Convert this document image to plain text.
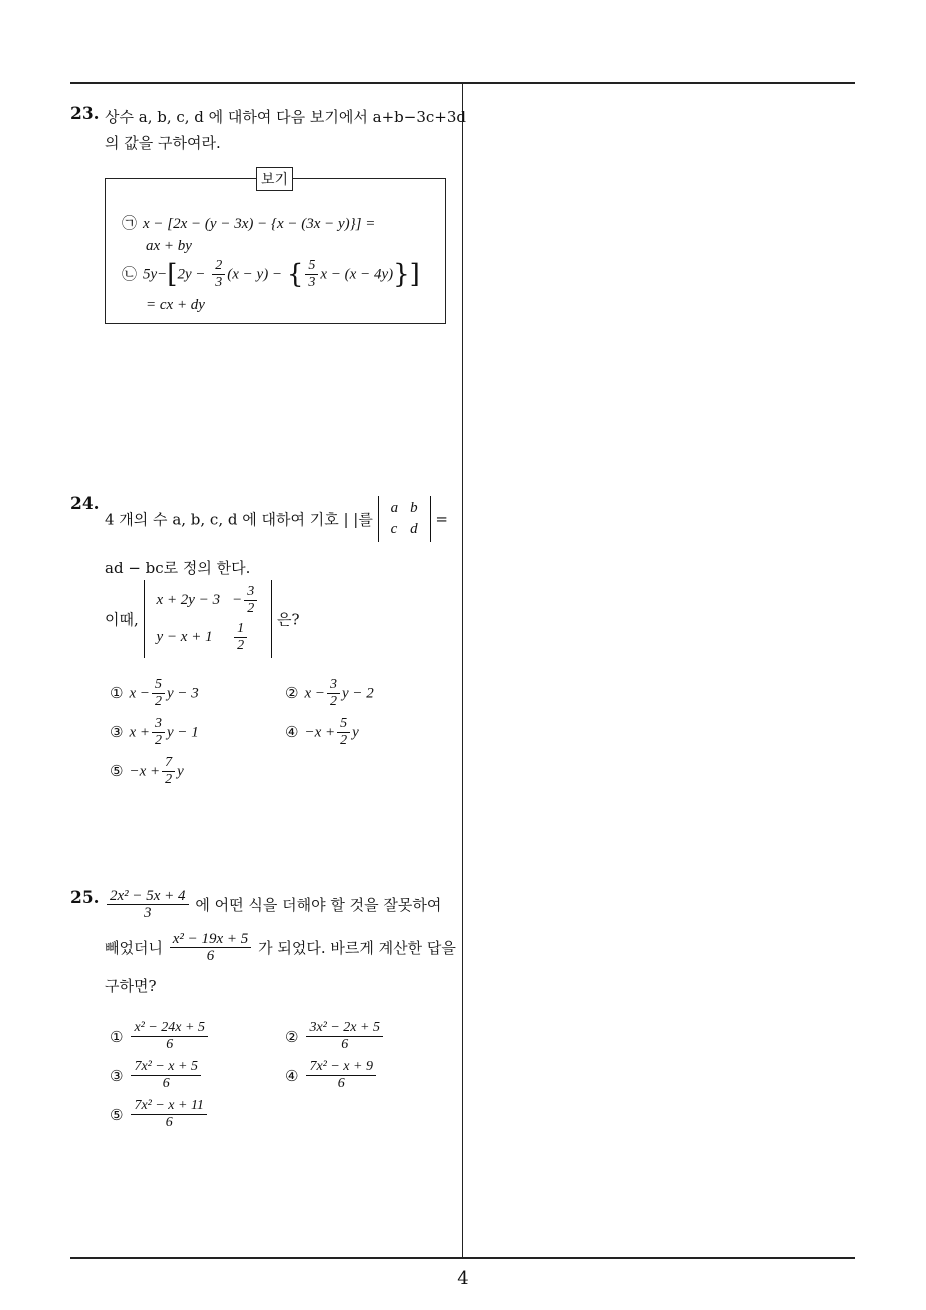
23. 상수 a, b, c, d 에 대하여 다음 보기에서 a+b−3c+3d
의 값을 구하여라.
보기
㉠ x − [2x − (y − 3x) − {x − (3x − y)}] =
ax + by
㉡ $5y-[2y - \frac{2}{3} (x - y)$ − { $\frac{5}{3}$ x − (x − 4y)}]
= cx + dy
24.
4 개의 수 a, b, c, d 에 대하여 기호 | |를
a	b
c	d
=
ad − bc로 정의 한다.
이때,
x + 2y − 3	− $\frac{3}{2}$

y − x + 1	$\frac{1}{2}$
은?
① $x - \frac{5}{2}$ y − 3	② $x - \frac{3}{2}$ y − 2
③ $x + \frac{3}{2}$ y − 1	④ $-x + \frac{5}{2}$ y
⑤ $-x + \frac{7}{2}$ y
25. $\frac{\text{2x² − 5x + 4}}{3}$ 에 어떤 식을 더해야 할 것을 잘못하여
빼었더니 $\frac{\text{x² − 19x + 5}}{6}$ 가 되었다. 바르게 계산한 답을
구하면?
① $\frac{\text{x² − 24x + 5}}{6}$	② $\frac{\text{3x² − 2x + 5}}{6}$
③ $\frac{\text{7x² − x + 5}}{6}$	④ $\frac{\text{7x² − x + 9}}{6}$
⑤ $\frac{\text{7x² − x + 11}}{6}$
4
